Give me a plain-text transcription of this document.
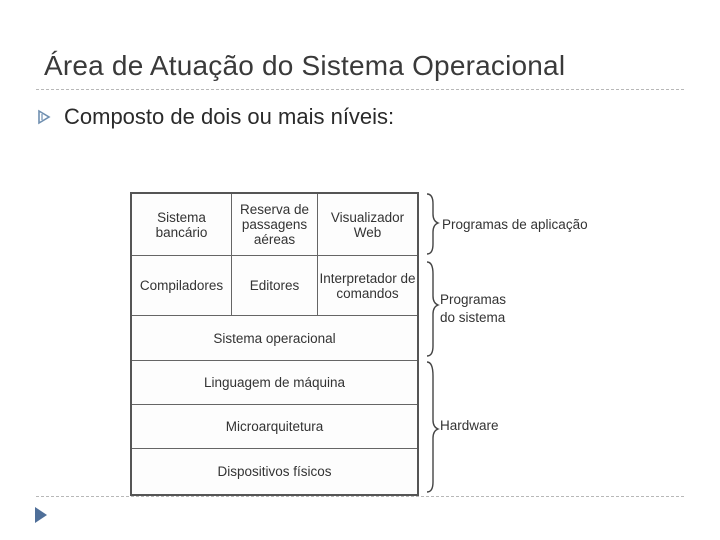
Área de Atuação do Sistema Operacional
Composto de dois ou mais níveis:
Sistema bancário
Reserva de passagens aéreas
Visualizador Web
Compiladores	Editores	Interpretador de comandos
Sistema operacional
Linguagem de máquina
Microarquitetura
Dispositivos físicos
Programas de aplicação
Programas do sistema
Hardware
